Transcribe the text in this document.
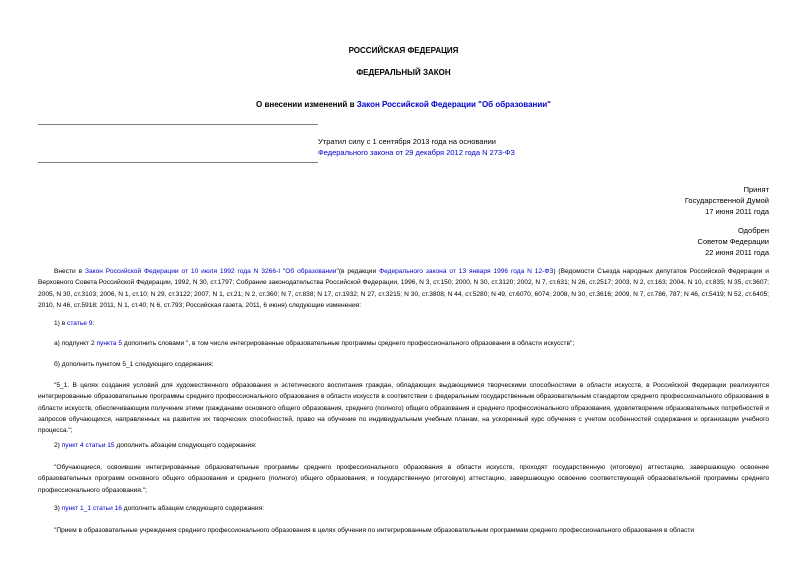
РОССИЙСКАЯ ФЕДЕРАЦИЯ
ФЕДЕРАЛЬНЫЙ ЗАКОН
О внесении изменений в Закон Российской Федерации "Об образовании"
Утратил силу с 1 сентября 2013 года на основании
Федерального закона от 29 декабря 2012 года N 273-ФЗ
Принят
Государственной Думой
17 июня 2011 года
Одобрен
Советом Федерации
22 июня 2011 года
Внести в Закон Российской Федерации от 10 июля 1992 года N 3266-I "Об образовании"(в редакции Федерального закона от 13 января 1996 года N 12-ФЗ) (Ведомости Съезда народных депутатов Российской Федерации и Верховного Совета Российской Федерации, 1992, N 30, ст.1797; Собрание законодательства Российской Федерации, 1996, N 3, ст.150; 2000, N 30, ст.3120; 2002, N 7, ст.631; N 26, ст.2517; 2003, N 2, ст.163; 2004, N 10, ст.835; N 35, ст.3607; 2005, N 30, ст.3103; 2006, N 1, ст.10; N 29, ст.3122; 2007, N 1, ст.21; N 2, ст.360; N 7, ст.838; N 17, ст.1932; N 27, ст.3215; N 30, ст.3808; N 44, ст.5280; N 49, ст.6070, 6074; 2008, N 30, ст.3616; 2009, N 7, ст.786, 787; N 46, ст.5419; N 52, ст.6405; 2010, N 46, ст.5918; 2011, N 1, ст.40; N 6, ст.793; Российская газета, 2011, 6 июня) следующие изменения:
1) в статье 9:
а) подпункт 2 пункта 5 дополнить словами ", в том числе интегрированные образовательные программы среднего профессионального образования в области искусств";
б) дополнить пунктом 5_1 следующего содержания:
"5_1. В целях создания условий для художественного образования и эстетического воспитания граждан, обладающих выдающимися творческими способностями в области искусств, в Российской Федерации реализуются интегрированные образовательные программы среднего профессионального образования в области искусств в соответствии с федеральным государственным образовательным стандартом среднего профессионального образования в области искусств, обеспечивающим получение этими гражданами основного общего образования, среднего (полного) общего образования и среднего профессионального образования, удовлетворение образовательных потребностей и запросов обучающихся, направленных на развитие их творческих способностей, право на обучение по индивидуальным учебным планам, на ускоренный курс обучения с учетом особенностей содержания и организации учебного процесса.";
2) пункт 4 статьи 15 дополнить абзацем следующего содержания:
"Обучающиеся, освоившие интегрированные образовательные программы среднего профессионального образования в области искусств, проходят государственную (итоговую) аттестацию, завершающую освоение образовательных программ основного общего образования и среднего (полного) общего образования, и государственную (итоговую) аттестацию, завершающую освоение соответствующей образовательной программы среднего профессионального образования.";
3) пункт 1_1 статьи 16 дополнить абзацем следующего содержания:
"Прием в образовательные учреждения среднего профессионального образования в целях обучения по интегрированным образовательным программам среднего профессионального образования в области
